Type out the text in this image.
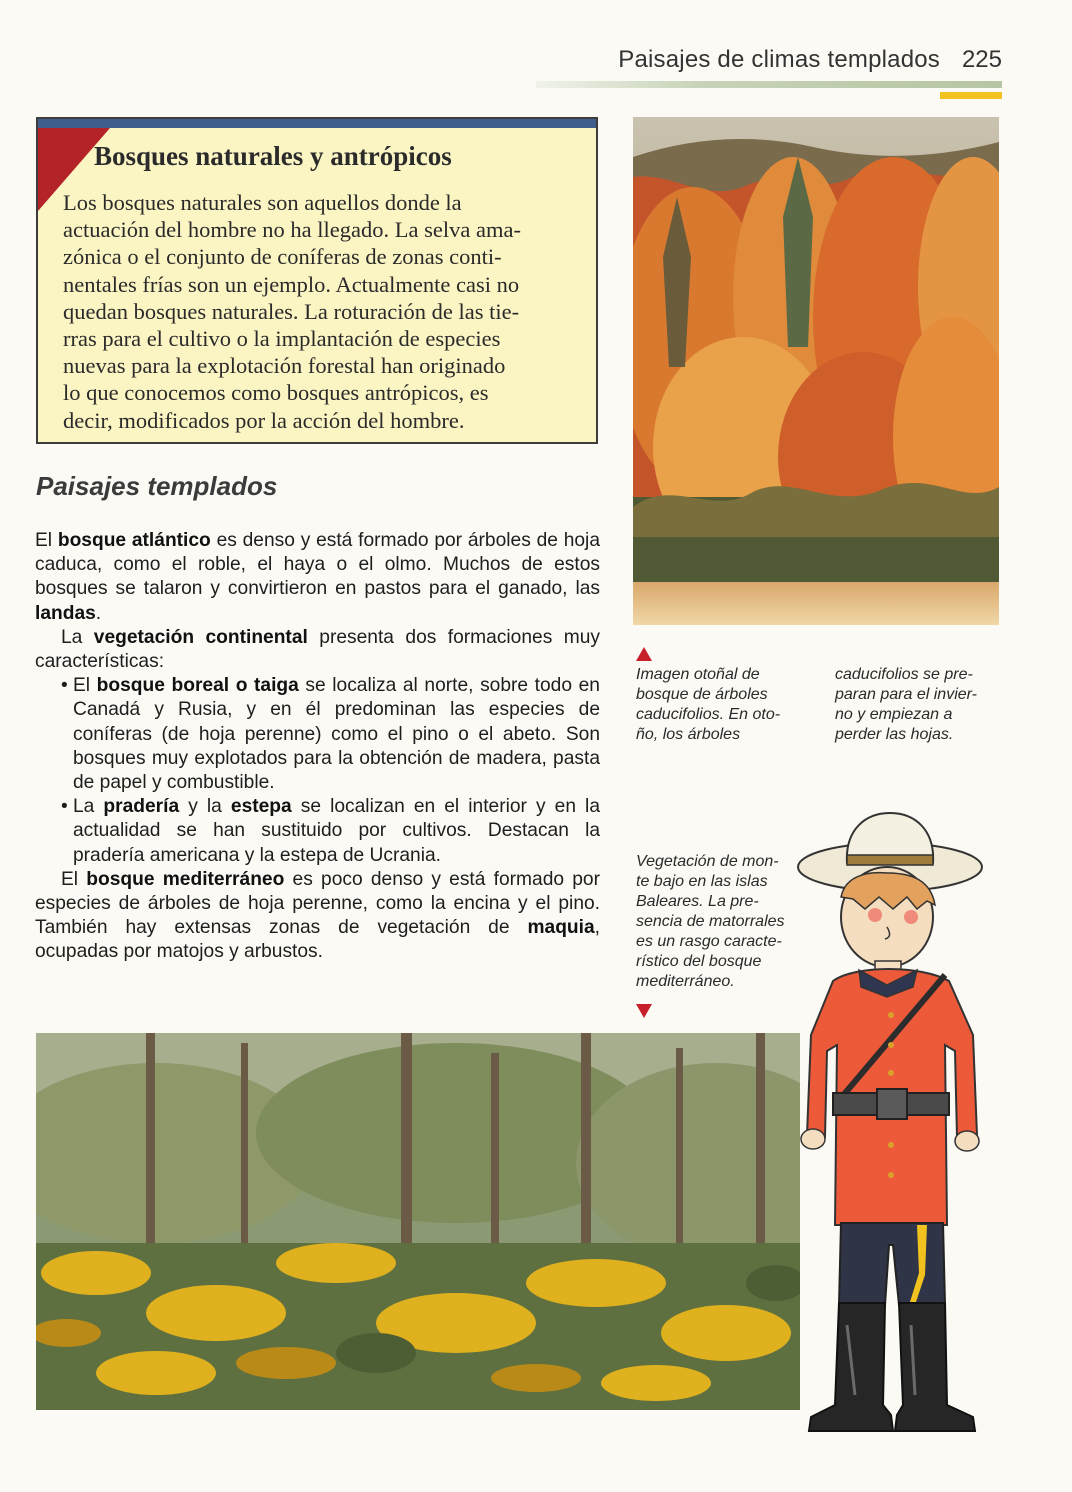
Paisajes de climas templados 225
Bosques naturales y antrópicos

Los bosques naturales son aquellos donde la
actuación del hombre no ha llegado. La selva ama-
zónica o el conjunto de coníferas de zonas conti-
nentales frías son un ejemplo. Actualmente casi no
quedan bosques naturales. La roturación de las tie-
rras para el cultivo o la implantación de especies
nuevas para la explotación forestal han originado
lo que conocemos como bosques antrópicos, es
decir, modificados por la acción del hombre.

Paisajes templados

El bosque atlántico es denso y está formado por árboles de hoja caduca, como el roble, el haya o el olmo. Muchos de estos bosques se talaron y convirtieron en pastos para el ganado, las landas.

La vegetación continental presenta dos formaciones muy características:

• El bosque boreal o taiga se localiza al norte, sobre todo en Canadá y Rusia, y en él predominan las especies de coníferas (de hoja perenne) como el pino o el abeto. Son bosques muy explotados para la obtención de madera, pasta de papel y combustible.

• La pradería y la estepa se localizan en el interior y en la actualidad se han sustituido por cultivos. Destacan la pradería americana y la estepa de Ucrania.

El bosque mediterráneo es poco denso y está formado por especies de árboles de hoja perenne, como la encina y el pino. También hay extensas zonas de vegetación de maquia, ocupadas por matojos y arbustos.

Imagen otoñal de
bosque de árboles
caducifolios. En oto-
ño, los árboles

caducifolios se pre-
paran para el invier-
no y empiezan a
perder las hojas.

Vegetación de mon-
te bajo en las islas
Baleares. La pre-
sencia de matorrales
es un rasgo caracte-
rístico del bosque
mediterráneo.
